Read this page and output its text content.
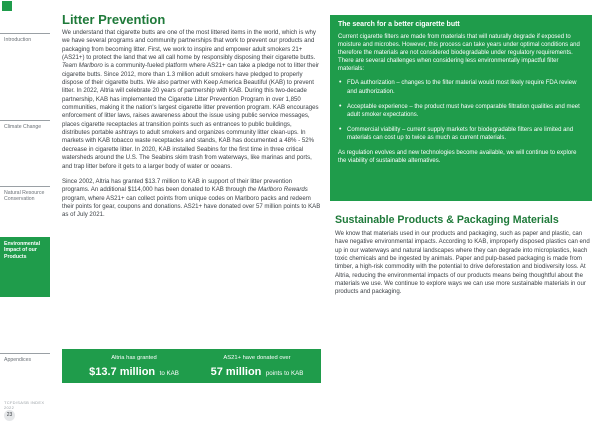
Introduction
Climate Change
Natural Resource Conservation
Environmental Impact of our Products
Appendices
TCFD/SASB INDEX 2022
23
Litter Prevention

We understand that cigarette butts are one of the most littered items in the world, which is why we have several programs and community partnerships that work to prevent our products and packaging from becoming litter. First, we work to inspire and empower adult smokers 21+ (AS21+) to protect the land that we all call home by responsibly disposing their cigarette butts. Team Marlboro is a community-fueled platform where AS21+ can take a pledge not to litter their cigarette butts. Since 2012, more than 1.3 million adult smokers have pledged to properly dispose of their cigarette butts. We also partner with Keep America Beautiful (KAB) to prevent litter. In 2022, Altria will celebrate 20 years of partnership with KAB. During this two-decade partnership, KAB has implemented the Cigarette Litter Prevention Program in over 1,850 communities, making it the nation's largest cigarette litter prevention program. KAB encourages enforcement of litter laws, raises awareness about the issue using public service messages, places cigarette receptacles at transition points such as entrances to public buildings, distributes portable ashtrays to adult smokers and organizes community litter clean-ups. In markets with KAB tobacco waste receptacles and stands, KAB has documented a 48% - 52% decrease in cigarette litter. In 2020, KAB installed Seabins for the first time in three critical watersheds around the U.S. The Seabins skim trash from waterways, like marinas and ports, and trap litter before it gets to a larger body of water or oceans.

Since 2002, Altria has granted $13.7 million to KAB in support of their litter prevention programs. An additional $114,000 has been donated to KAB through the Marlboro Rewards program, where AS21+ can collect points from unique codes on Marlboro packs and redeem their points for gear, coupons and donations. AS21+ have donated over 57 million points to KAB as of July 2021.

Altria has granted
$13.7 million to KAB
AS21+ have donated over
57 million points to KAB
The search for a better cigarette butt

Current cigarette filters are made from materials that will naturally degrade if exposed to moisture and microbes. However, this process can take years under optimal conditions and therefore the materials are not considered biodegradable under regulatory requirements. There are several challenges when considering less environmentally impactful filter materials:

• FDA authorization – changes to the filter material would most likely require FDA review and authorization.
• Acceptable experience – the product must have comparable filtration qualities and meet adult smoker expectations.
• Commercial viability – current supply markets for biodegradable filters are limited and materials can cost up to twice as much as current materials.

As regulation evolves and new technologies become available, we will continue to explore the viability of sustainable alternatives.

Sustainable Products & Packaging Materials

We know that materials used in our products and packaging, such as paper and plastic, can have negative environmental impacts. According to KAB, improperly disposed plastics can end up in our waterways and natural landscapes where they can degrade into microplastics, leach toxic chemicals and be ingested by animals. Paper and pulp-based packaging is made from timber, a high-risk commodity with the potential to drive deforestation and biodiversity loss. At Altria, reducing the environmental impacts of our products means being thoughtful about the materials we use. We continue to explore ways we can use more sustainable materials in our products and packaging.
